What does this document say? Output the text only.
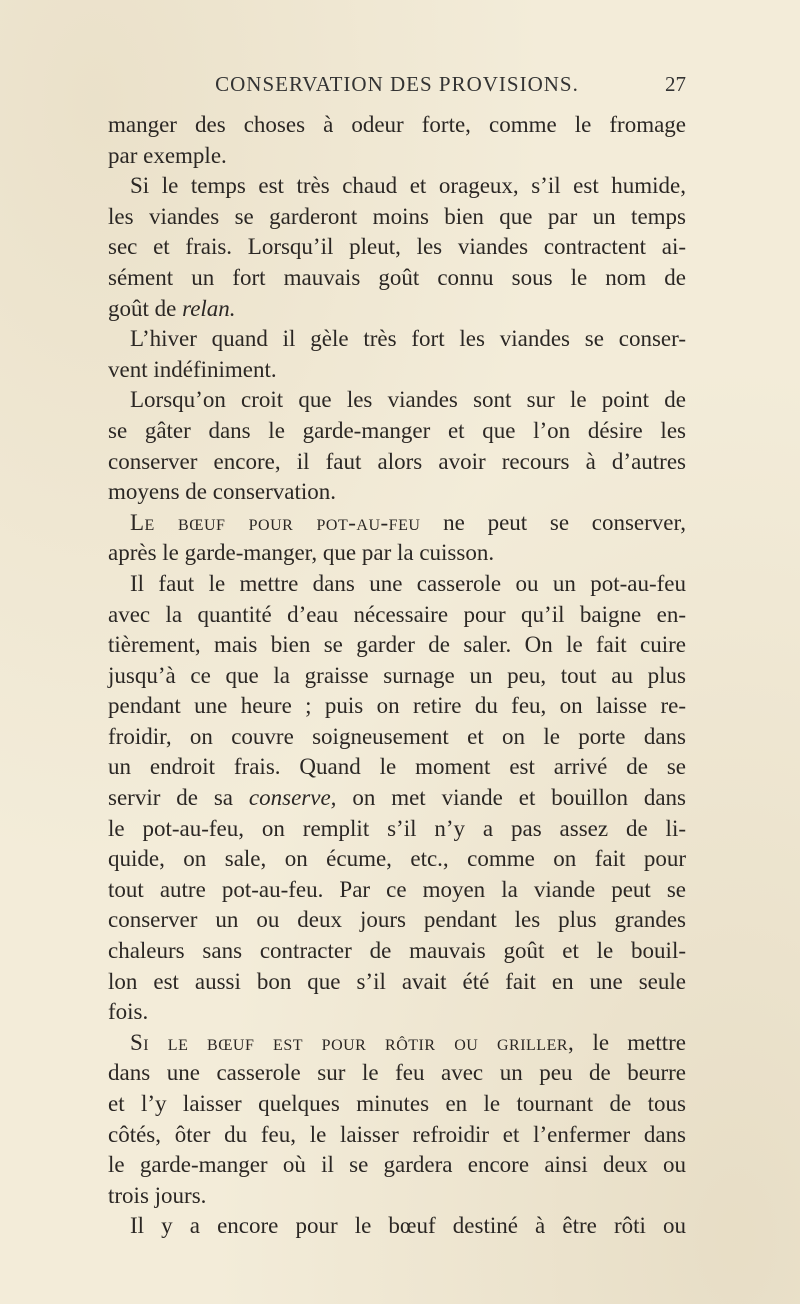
CONSERVATION DES PROVISIONS.	27
manger des choses à odeur forte, comme le fromage
par exemple.
Si le temps est très chaud et orageux, s’il est humide,
les viandes se garderont moins bien que par un temps
sec et frais. Lorsqu’il pleut, les viandes contractent ai-
sément un fort mauvais goût connu sous le nom de
goût de relan.
L’hiver quand il gèle très fort les viandes se conser-
vent indéfiniment.
Lorsqu’on croit que les viandes sont sur le point de
se gâter dans le garde-manger et que l’on désire les
conserver encore, il faut alors avoir recours à d’autres
moyens de conservation.
Le bœuf pour pot-au-feu ne peut se conserver,
après le garde-manger, que par la cuisson.
Il faut le mettre dans une casserole ou un pot-au-feu
avec la quantité d’eau nécessaire pour qu’il baigne en-
tièrement, mais bien se garder de saler. On le fait cuire
jusqu’à ce que la graisse surnage un peu, tout au plus
pendant une heure ; puis on retire du feu, on laisse re-
froidir, on couvre soigneusement et on le porte dans
un endroit frais. Quand le moment est arrivé de se
servir de sa conserve, on met viande et bouillon dans
le pot-au-feu, on remplit s’il n’y a pas assez de li-
quide, on sale, on écume, etc., comme on fait pour
tout autre pot-au-feu. Par ce moyen la viande peut se
conserver un ou deux jours pendant les plus grandes
chaleurs sans contracter de mauvais goût et le bouil-
lon est aussi bon que s’il avait été fait en une seule
fois.
Si le bœuf est pour rôtir ou griller, le mettre
dans une casserole sur le feu avec un peu de beurre
et l’y laisser quelques minutes en le tournant de tous
côtés, ôter du feu, le laisser refroidir et l’enfermer dans
le garde-manger où il se gardera encore ainsi deux ou
trois jours.
Il y a encore pour le bœuf destiné à être rôti ou
